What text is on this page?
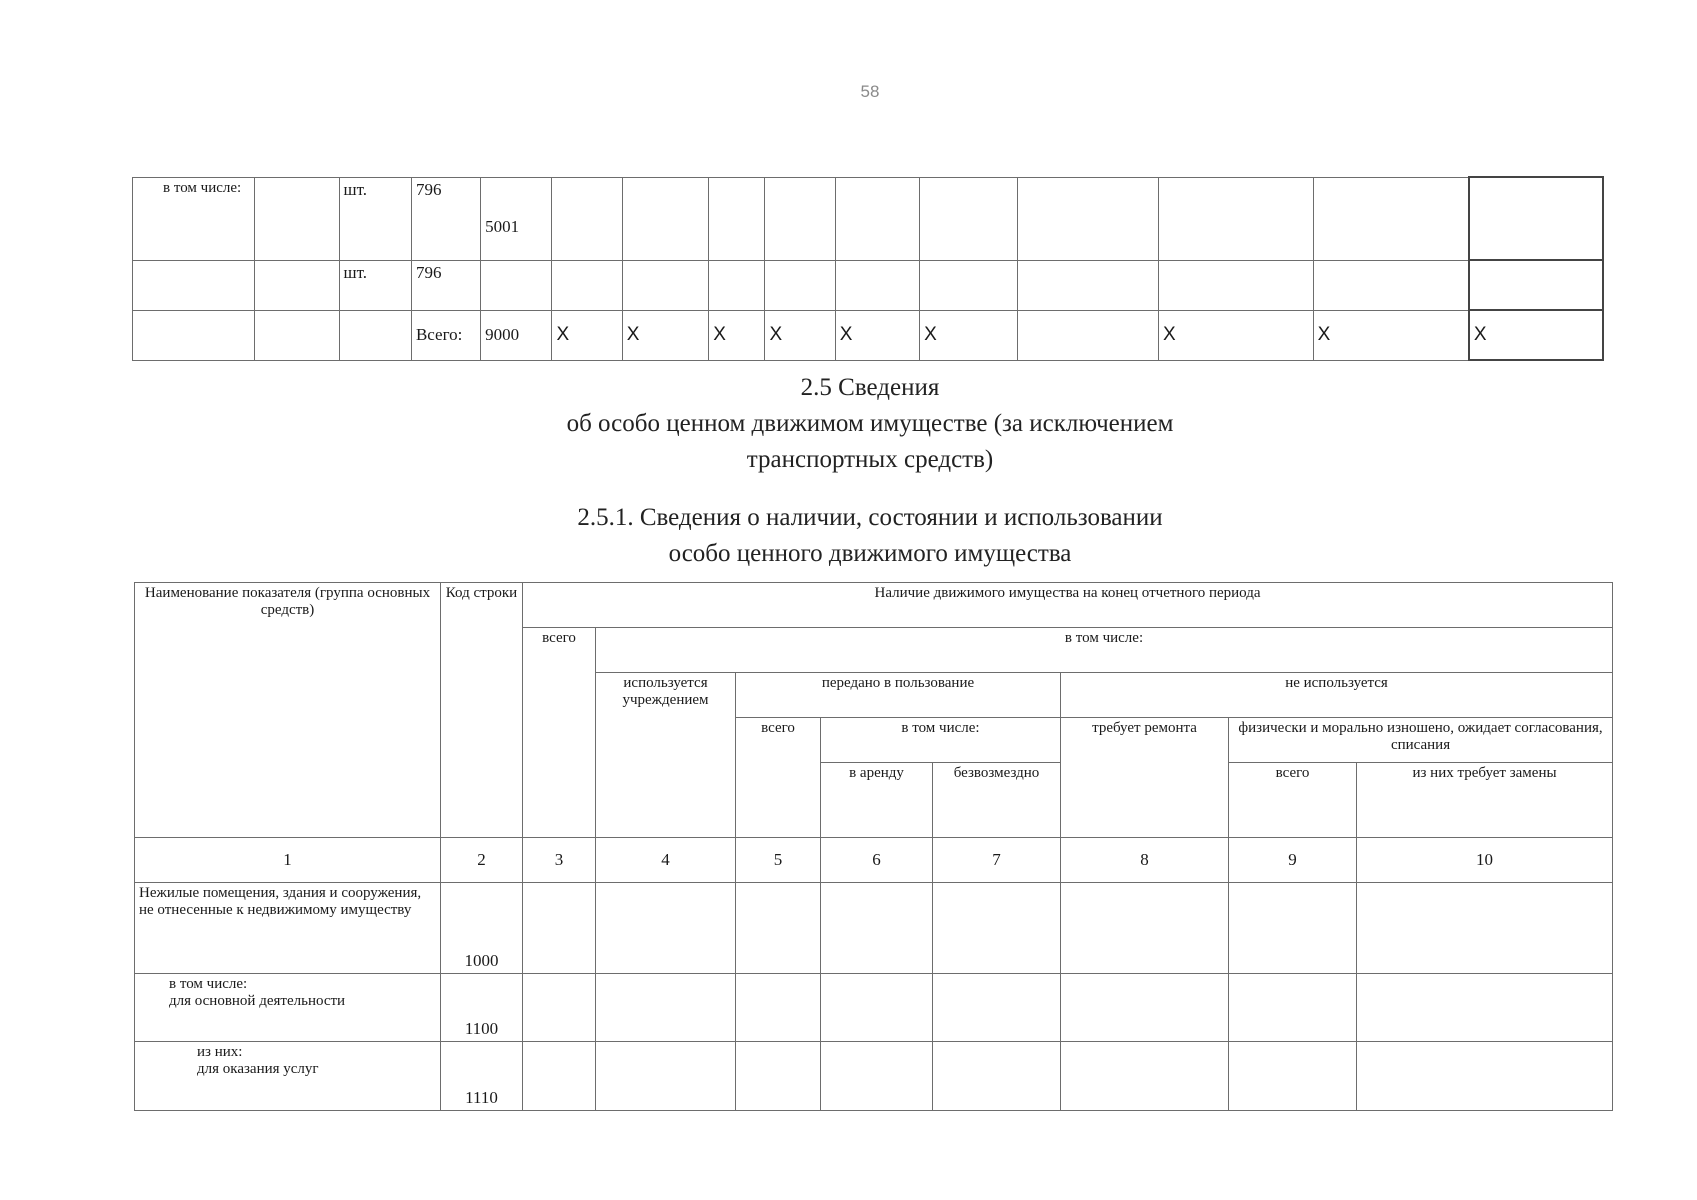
58
в том числе:		шт.	796	5001										
		шт.	796											
			Всего:	9000	X	X	X	X	X	X		X	X	X
2.5 Сведения
об особо ценном движимом имуществе (за исключением
транспортных средств)
2.5.1. Сведения о наличии, состоянии и использовании
особо ценного движимого имущества
Наименование показателя (группа основных средств)	Код строки	Наличие движимого имущества на конец отчетного периода							
		всего	в том числе:						
			используется учреждением	передано в пользование			не используется		
				всего	в том числе:		требует ремонта	физически и морально изношено, ожидает согласования, списания	
					в аренду	безвозмездно		всего	из них требует замены
1	2	3	4	5	6	7	8	9	10
Нежилые помещения, здания и сооружения, не отнесенные к недвижимому имуществу	1000								

в том числе:
для основной деятельности	1100								

из них:
для оказания услуг	1110								
